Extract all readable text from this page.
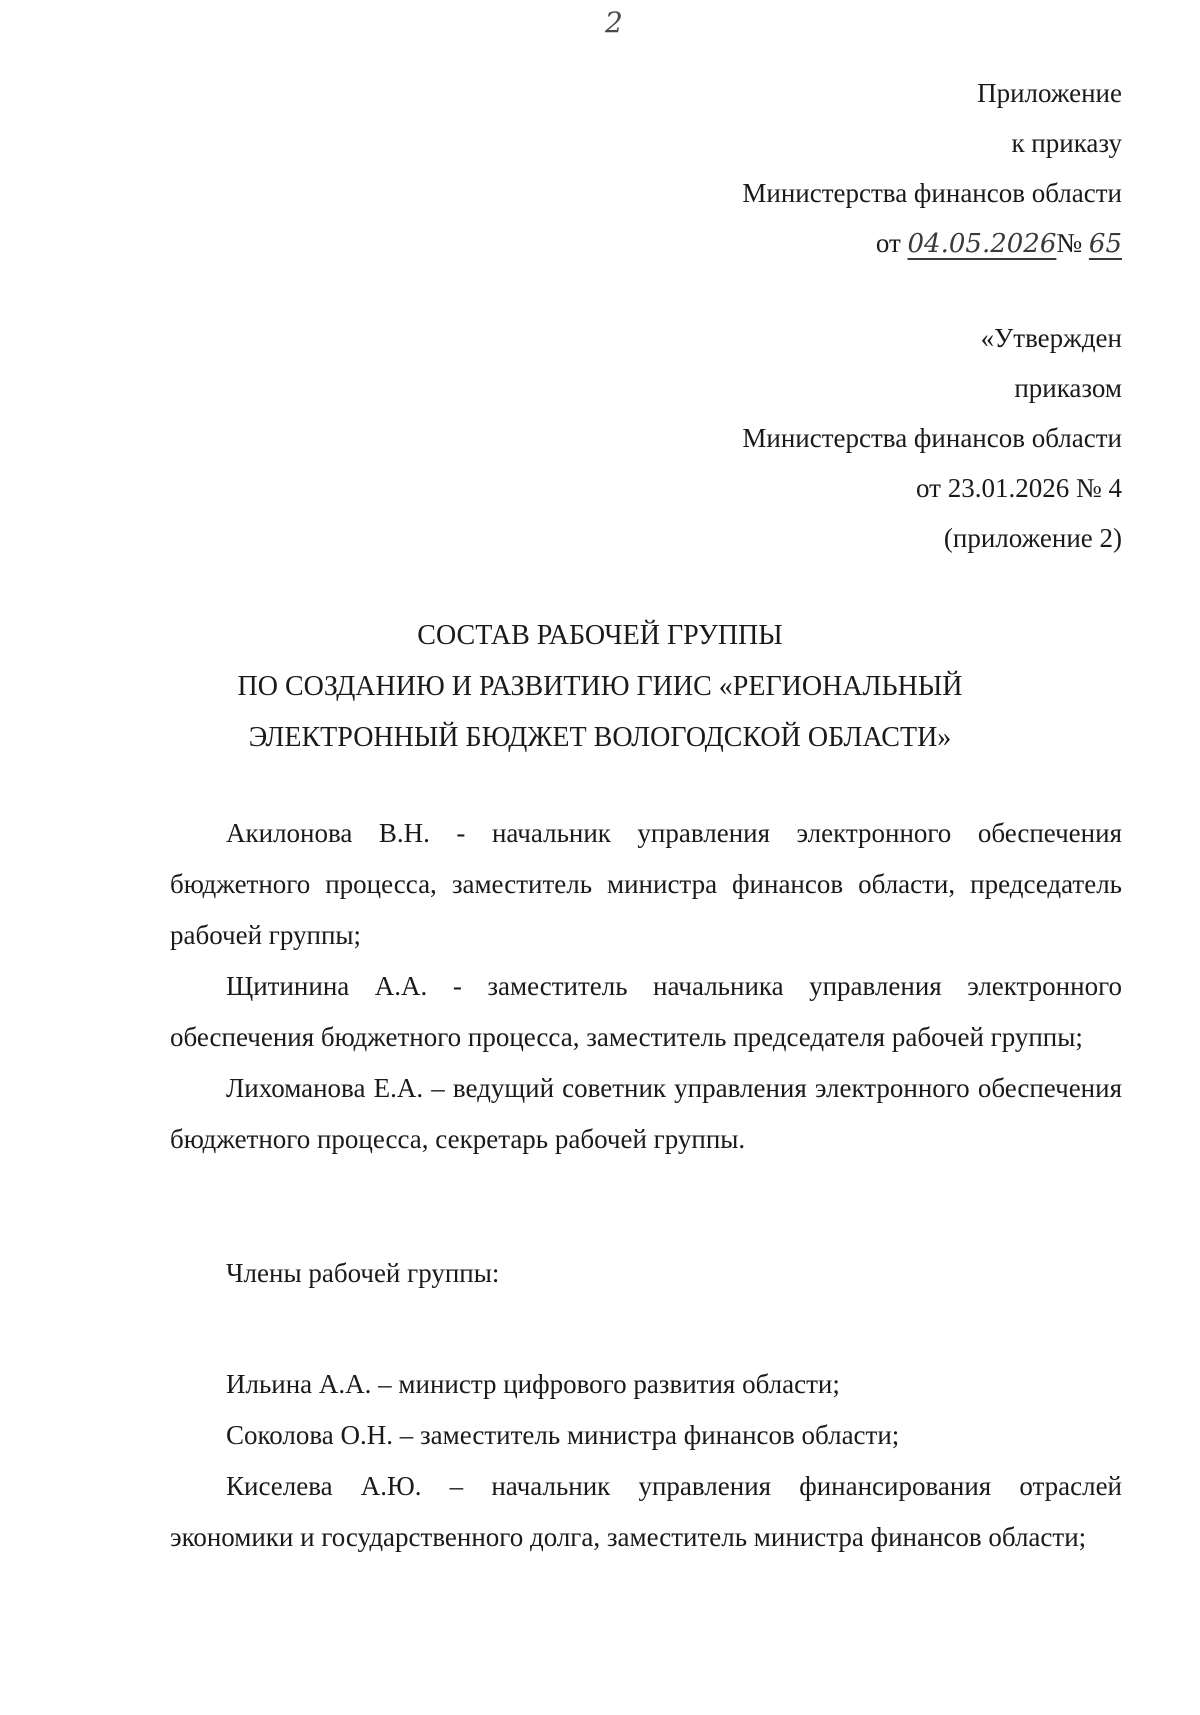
2
Приложение
к приказу
Министерства финансов области
от 04.05.2026№ 65
«Утвержден
приказом
Министерства финансов области
от 23.01.2026 № 4
(приложение 2)
СОСТАВ РАБОЧЕЙ ГРУППЫ
ПО СОЗДАНИЮ И РАЗВИТИЮ ГИИС «РЕГИОНАЛЬНЫЙ
ЭЛЕКТРОННЫЙ БЮДЖЕТ ВОЛОГОДСКОЙ ОБЛАСТИ»

Акилонова В.Н. - начальник управления электронного обеспечения бюджетного процесса, заместитель министра финансов области, председатель рабочей группы;

Щитинина А.А. - заместитель начальника управления электронного обеспечения бюджетного процесса, заместитель председателя рабочей группы;

Лихоманова Е.А. – ведущий советник управления электронного обеспечения бюджетного процесса, секретарь рабочей группы.

Члены рабочей группы:

Ильина А.А. – министр цифрового развития области;

Соколова О.Н. – заместитель министра финансов области;

Киселева А.Ю. – начальник управления финансирования отраслей экономики и государственного долга, заместитель министра финансов области;
